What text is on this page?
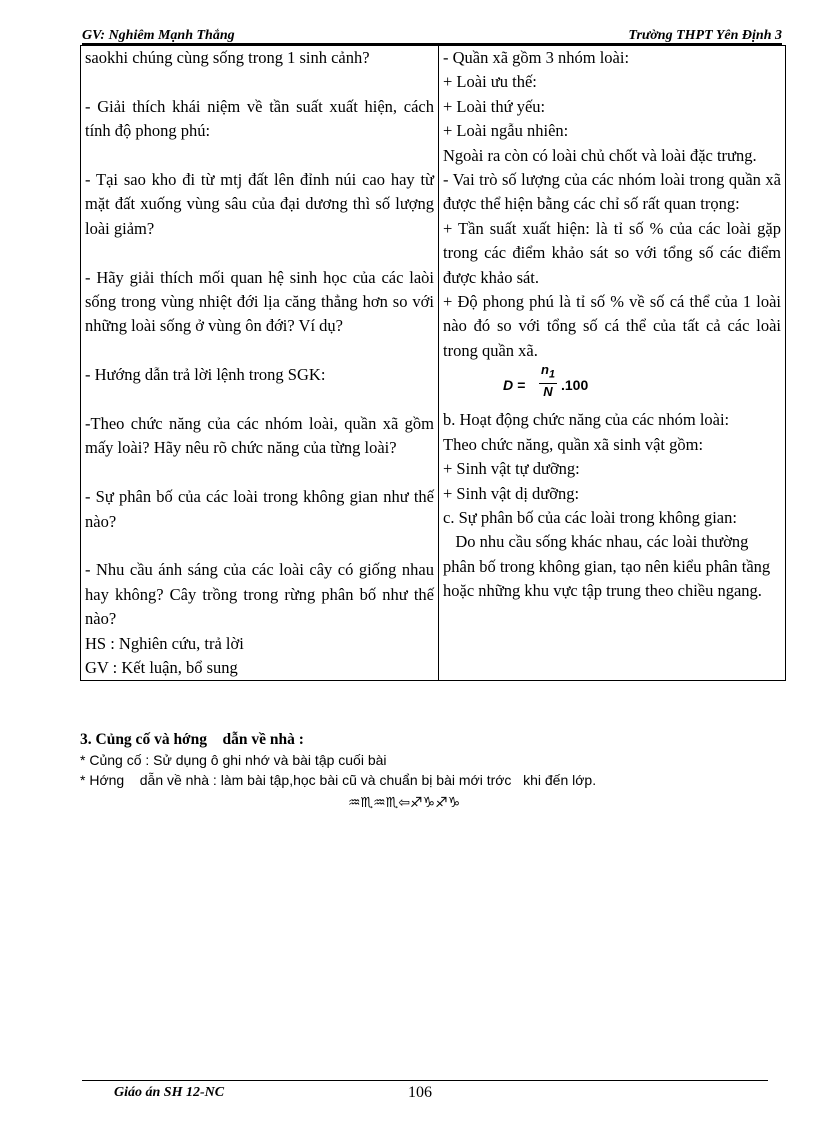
GV: Nghiêm Mạnh Thắng	Trường THPT Yên Định 3
saokhi chúng cùng sống trong 1 sinh cảnh?
- Giải thích khái niệm về tần suất xuất hiện, cách tính độ phong phú:
- Tại sao kho đi từ mtj đất lên đỉnh núi cao hay từ mặt đất xuống vùng sâu của đại dương thì số lượng loài giảm?
- Hãy giải thích mối quan hệ sinh học của các laòi sống trong vùng nhiệt đới lịa căng thẳng hơn so với những loài sống ở vùng ôn đới? Ví dụ?
- Hướng dẫn trả lời lệnh trong SGK:
-Theo chức năng của các nhóm loài, quần xã gồm mấy loài? Hãy nêu rõ chức năng của từng loài?
- Sự phân bố của các loài trong không gian như thế nào?
- Nhu cầu ánh sáng của các loài cây có giống nhau hay không? Cây trồng trong rừng phân bố như thế nào?
HS : Nghiên cứu, trả lời
GV : Kết luận, bổ sung

- Quần xã gồm 3 nhóm loài:
+ Loài ưu thế:
+ Loài thứ yếu:
+ Loài ngẫu nhiên:
Ngoài ra còn có loài chủ chốt và loài đặc trưng.
- Vai trò số lượng của các nhóm loài trong quần xã được thể hiện bằng các chỉ số rất quan trọng:
+ Tần suất xuất hiện: là tỉ số % của các loài gặp trong các điểm khảo sát so với tổng số các điểm được khảo sát.
+ Độ phong phú là tỉ số % về số cá thể của 1 loài nào đó so với tổng số cá thể của tất cả các loài trong quần xã.
D =
$n_1$
N .100
b. Hoạt động chức năng của các nhóm loài:
Theo chức năng, quần xã sinh vật gồm:
+ Sinh vật tự dưỡng:
+ Sinh vật dị dưỡng:
c. Sự phân bố của các loài trong không gian:
Do nhu cầu sống khác nhau, các loài thường phân bố trong không gian, tạo nên kiểu phân tầng hoặc những khu vực tập trung theo chiều ngang.
3. Củng cố và hớng    dẫn về nhà :
* Củng cố : Sử dụng ô ghi nhớ và bài tập cuối bài
* Hớng    dẫn về nhà : làm bài tập,học bài cũ và chuẩn bị bài mới trớc   khi đến lớp.
♒♏♒♏⇦♐♑♐♑
Giáo án SH 12-NC	106
